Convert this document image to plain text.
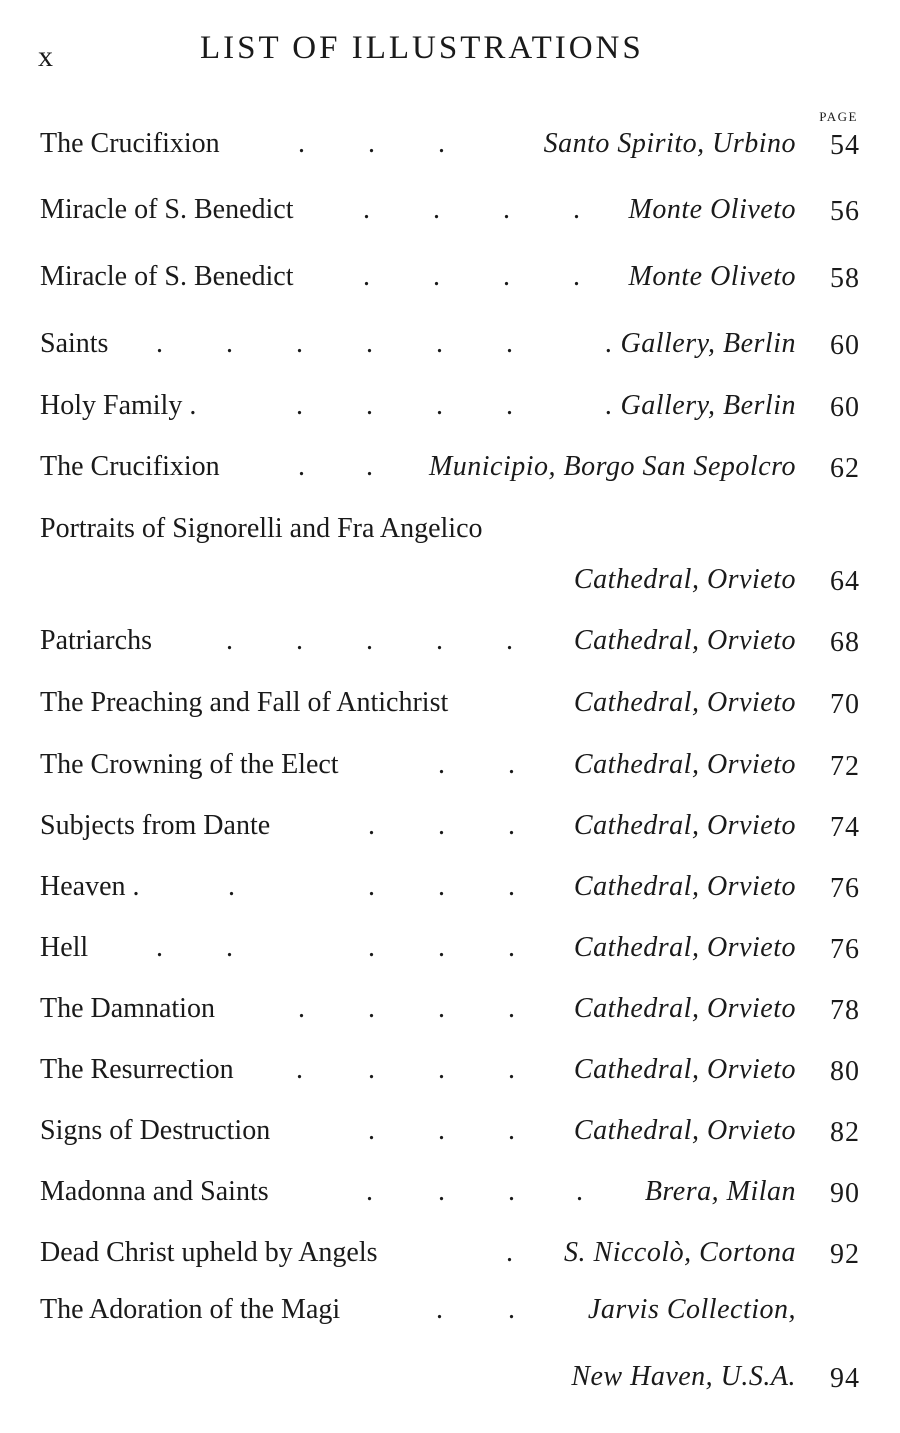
x	LIST OF ILLUSTRATIONS
PAGE
The Crucifixion	. . .	Santo Spirito, Urbino 54
Miracle of S. Benedict . . . . Monte Oliveto 56
Miracle of S. Benedict . . . . Monte Oliveto 58
Saints . . . . . .	. Gallery, Berlin 60
Holy Family .	. . . .	. Gallery, Berlin 60
The Crucifixion	. . Municipio, Borgo San Sepolcro 62
Portraits of Signorelli and Fra Angelico
Cathedral, Orvieto 64
Patriarchs	. . . . . Cathedral, Orvieto 68
The Preaching and Fall of Antichrist	Cathedral, Orvieto 70
The Crowning of the Elect	. . Cathedral, Orvieto 72
Subjects from Dante	. . . Cathedral, Orvieto 74
Heaven .	.	. . . Cathedral, Orvieto 76
Hell . .	. . . Cathedral, Orvieto 76
The Damnation	. . . . Cathedral, Orvieto 78
The Resurrection . . . . Cathedral, Orvieto 80
Signs of Destruction	. . . Cathedral, Orvieto 82
Madonna and Saints	. . . . Brera, Milan 90
Dead Christ upheld by Angels	. S. Niccolò, Cortona 92
The Adoration of the Magi	. .	Jarvis Collection,
New Haven, U.S.A. 94
